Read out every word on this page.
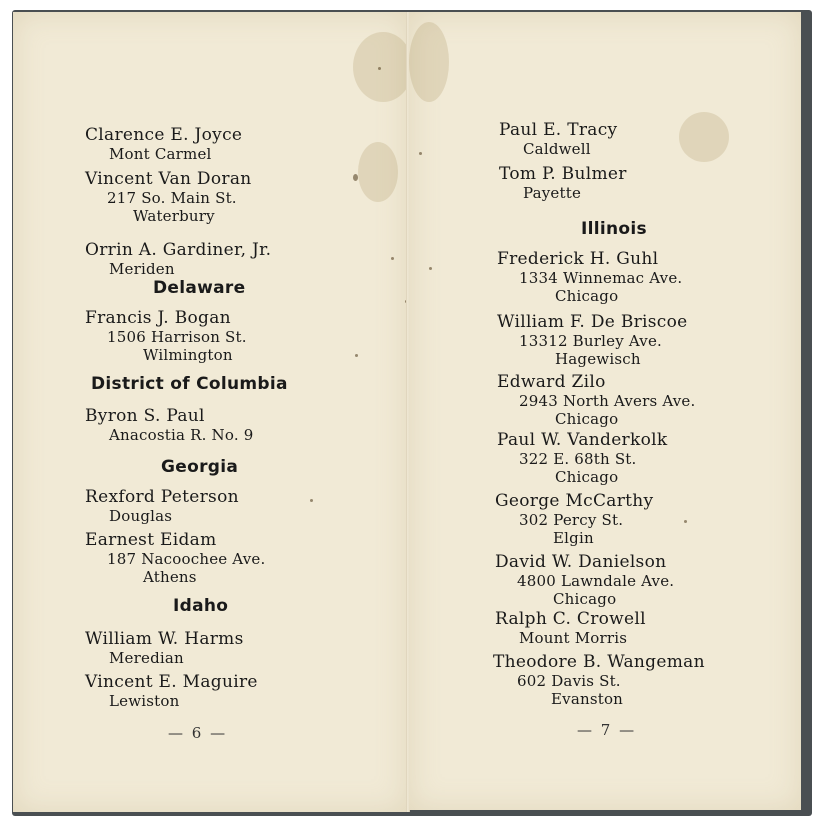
Clarence E. Joyce
Mont Carmel
Vincent Van Doran
217 So. Main St.
Waterbury
Orrin A. Gardiner, Jr.
Meriden
Delaware
Francis J. Bogan
1506 Harrison St.
Wilmington
District of Columbia
Byron S. Paul
Anacostia R. No. 9
Georgia
Rexford Peterson
Douglas
Earnest Eidam
187 Nacoochee Ave.
Athens
Idaho
William W. Harms
Meredian
Vincent E. Maguire
Lewiston
— 6 —
Paul E. Tracy
Caldwell
Tom P. Bulmer
Payette
Illinois
Frederick H. Guhl
1334 Winnemac Ave.
Chicago
William F. De Briscoe
13312 Burley Ave.
Hagewisch
Edward Zilo
2943 North Avers Ave.
Chicago
Paul W. Vanderkolk
322 E. 68th St.
Chicago
George McCarthy
302 Percy St.
Elgin
David W. Danielson
4800 Lawndale Ave.
Chicago
Ralph C. Crowell
Mount Morris
Theodore B. Wangeman
602 Davis St.
Evanston
— 7 —
